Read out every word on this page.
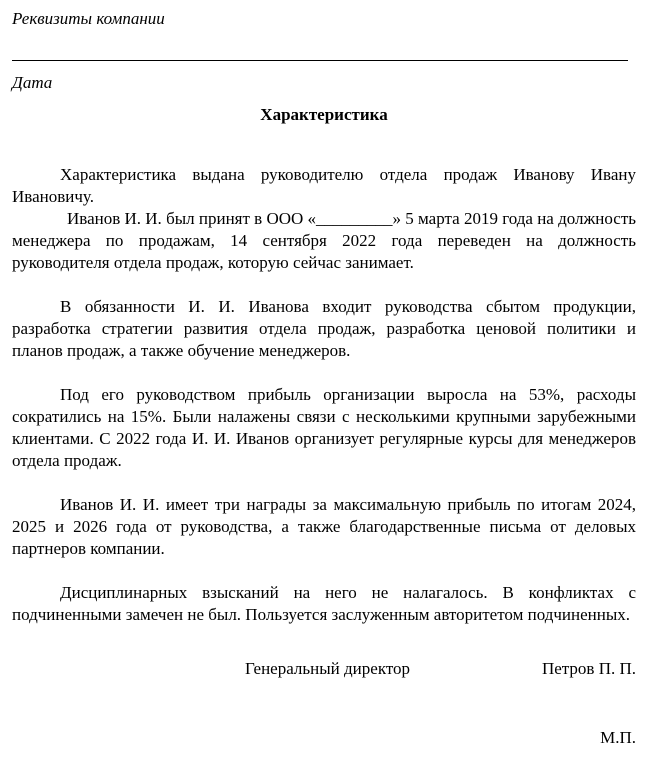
Реквизиты компании
Дата
Характеристика

Характеристика выдана руководителю отдела продаж Иванову Ивану Ивановичу.

Иванов И. И. был принят в ООО «_________» 5 марта 2019 года на должность менеджера по продажам, 14 сентября 2022 года переведен на должность руководителя отдела продаж, которую сейчас занимает.

В обязанности И. И. Иванова входит руководства сбытом продукции, разработка стратегии развития отдела продаж, разработка ценовой политики и планов продаж, а также обучение менеджеров.

Под его руководством прибыль организации выросла на 53%, расходы сократились на 15%. Были налажены связи с несколькими крупными зарубежными клиентами. С 2022 года И. И. Иванов организует регулярные курсы для менеджеров отдела продаж.

Иванов И. И. имеет три награды за максимальную прибыль по итогам 2024, 2025 и 2026 года от руководства, а также благодарственные письма от деловых партнеров компании.

Дисциплинарных взысканий на него не налагалось. В конфликтах с подчиненными замечен не был. Пользуется заслуженным авторитетом подчиненных.

Генеральный директор	Петров П. П.
М.П.
